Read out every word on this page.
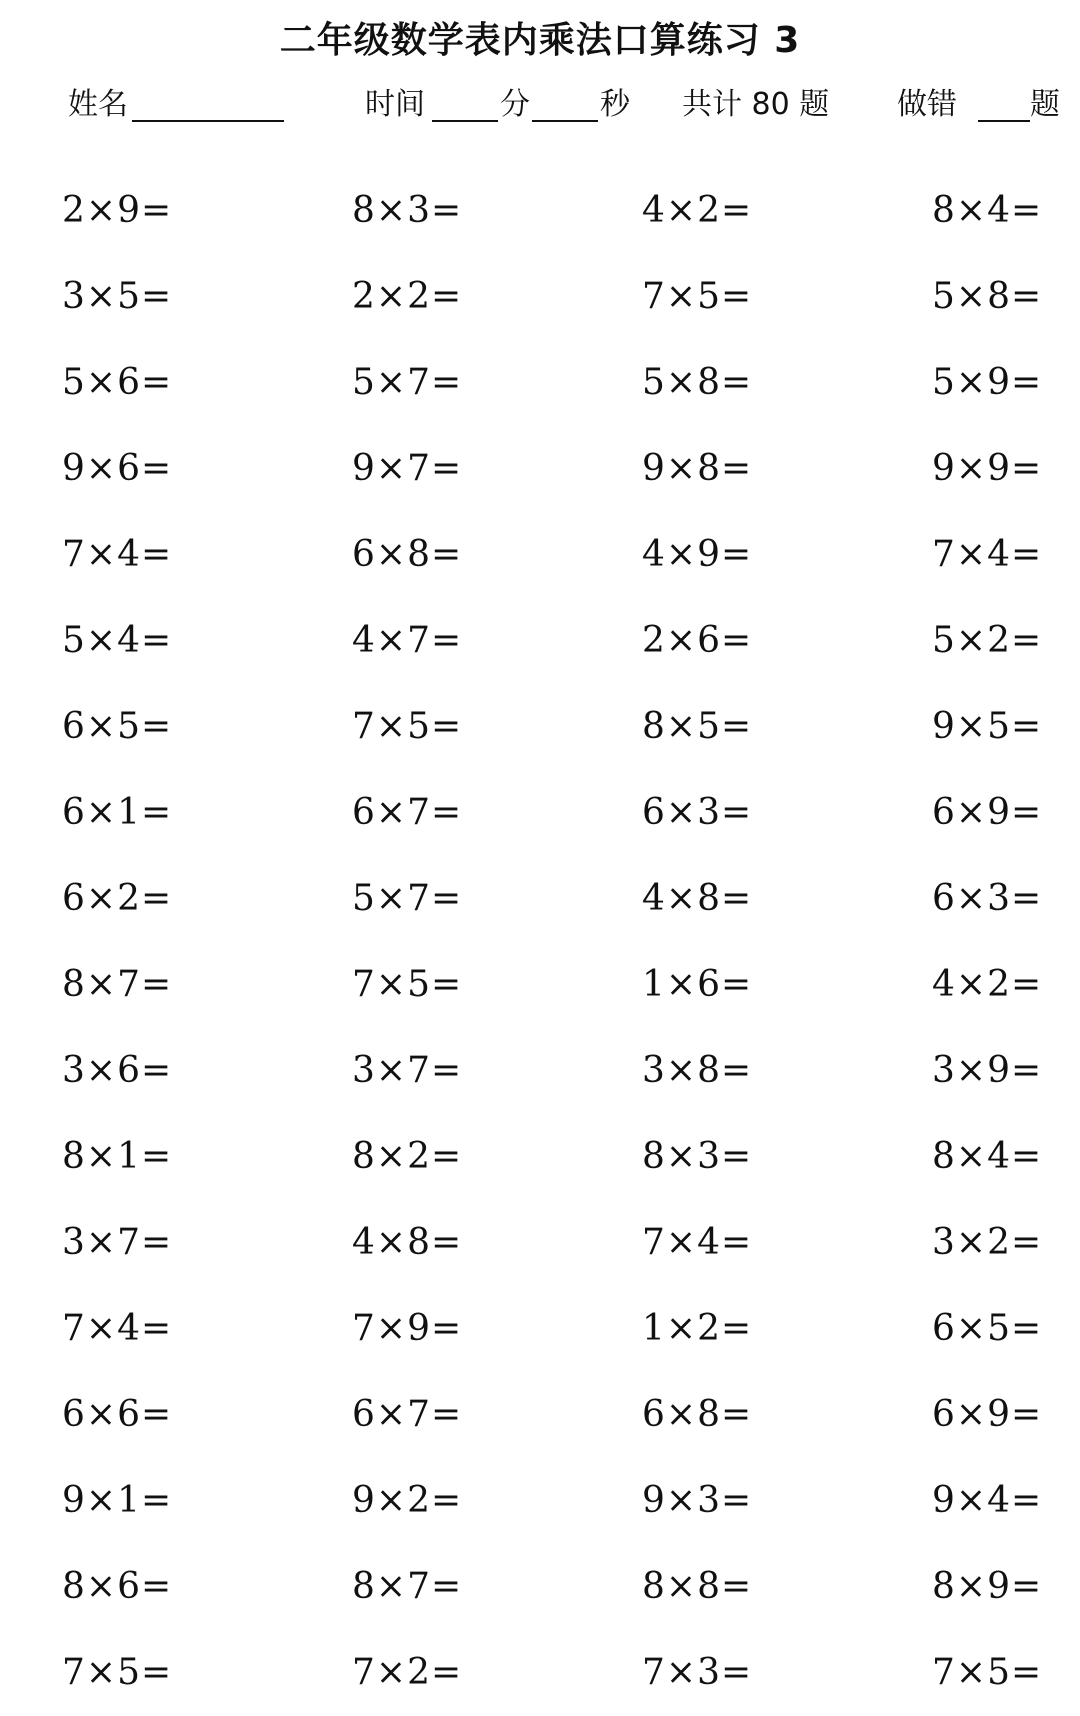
二年级数学表内乘法口算练习 3
姓名	时间	分 秒 共计 80 题 做错 题
2×9=	8×3=	4×2=	8×4=
3×5=	2×2=	7×5=	5×8=
5×6=	5×7=	5×8=	5×9=
9×6=	9×7=	9×8=	9×9=
7×4=	6×8=	4×9=	7×4=
5×4=	4×7=	2×6=	5×2=
6×5=	7×5=	8×5=	9×5=
6×1=	6×7=	6×3=	6×9=
6×2=	5×7=	4×8=	6×3=
8×7=	7×5=	1×6=	4×2=
3×6=	3×7=	3×8=	3×9=
8×1=	8×2=	8×3=	8×4=
3×7=	4×8=	7×4=	3×2=
7×4=	7×9=	1×2=	6×5=
6×6=	6×7=	6×8=	6×9=
9×1=	9×2=	9×3=	9×4=
8×6=	8×7=	8×8=	8×9=
7×5=	7×2=	7×3=	7×5=
